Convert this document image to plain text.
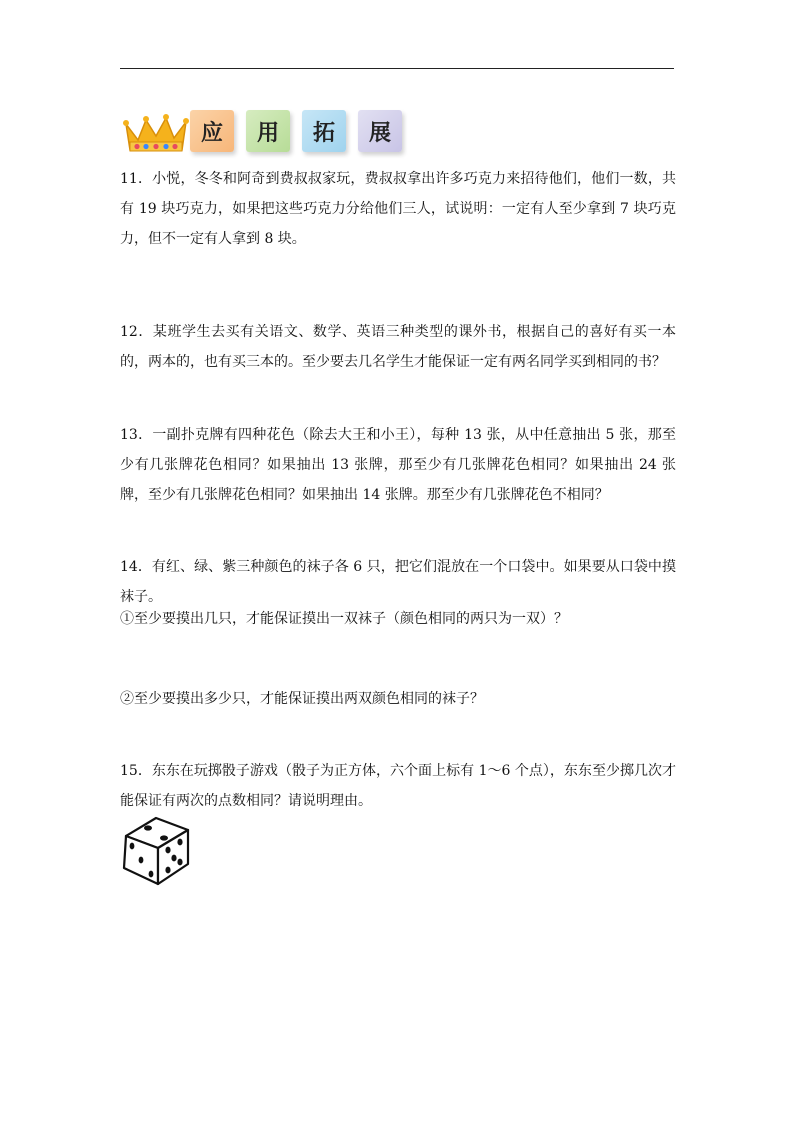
应	用	拓	展

11．小悦，冬冬和阿奇到费叔叔家玩，费叔叔拿出许多巧克力来招待他们，他们一数，共有 19 块巧克力，如果把这些巧克力分给他们三人，试说明：一定有人至少拿到 7 块巧克力，但不一定有人拿到 8 块。

12．某班学生去买有关语文、数学、英语三种类型的课外书，根据自己的喜好有买一本的，两本的，也有买三本的。至少要去几名学生才能保证一定有两名同学买到相同的书？

13．一副扑克牌有四种花色（除去大王和小王），每种 13 张，从中任意抽出 5 张，那至少有几张牌花色相同？如果抽出 13 张牌，那至少有几张牌花色相同？如果抽出 24 张牌，至少有几张牌花色相同？如果抽出 14 张牌。那至少有几张牌花色不相同？

14．有红、绿、紫三种颜色的袜子各 6 只，把它们混放在一个口袋中。如果要从口袋中摸袜子。

①至少要摸出几只，才能保证摸出一双袜子（颜色相同的两只为一双）？

②至少要摸出多少只，才能保证摸出两双颜色相同的袜子？

15．东东在玩掷骰子游戏（骰子为正方体，六个面上标有 1～6 个点），东东至少掷几次才能保证有两次的点数相同？请说明理由。
